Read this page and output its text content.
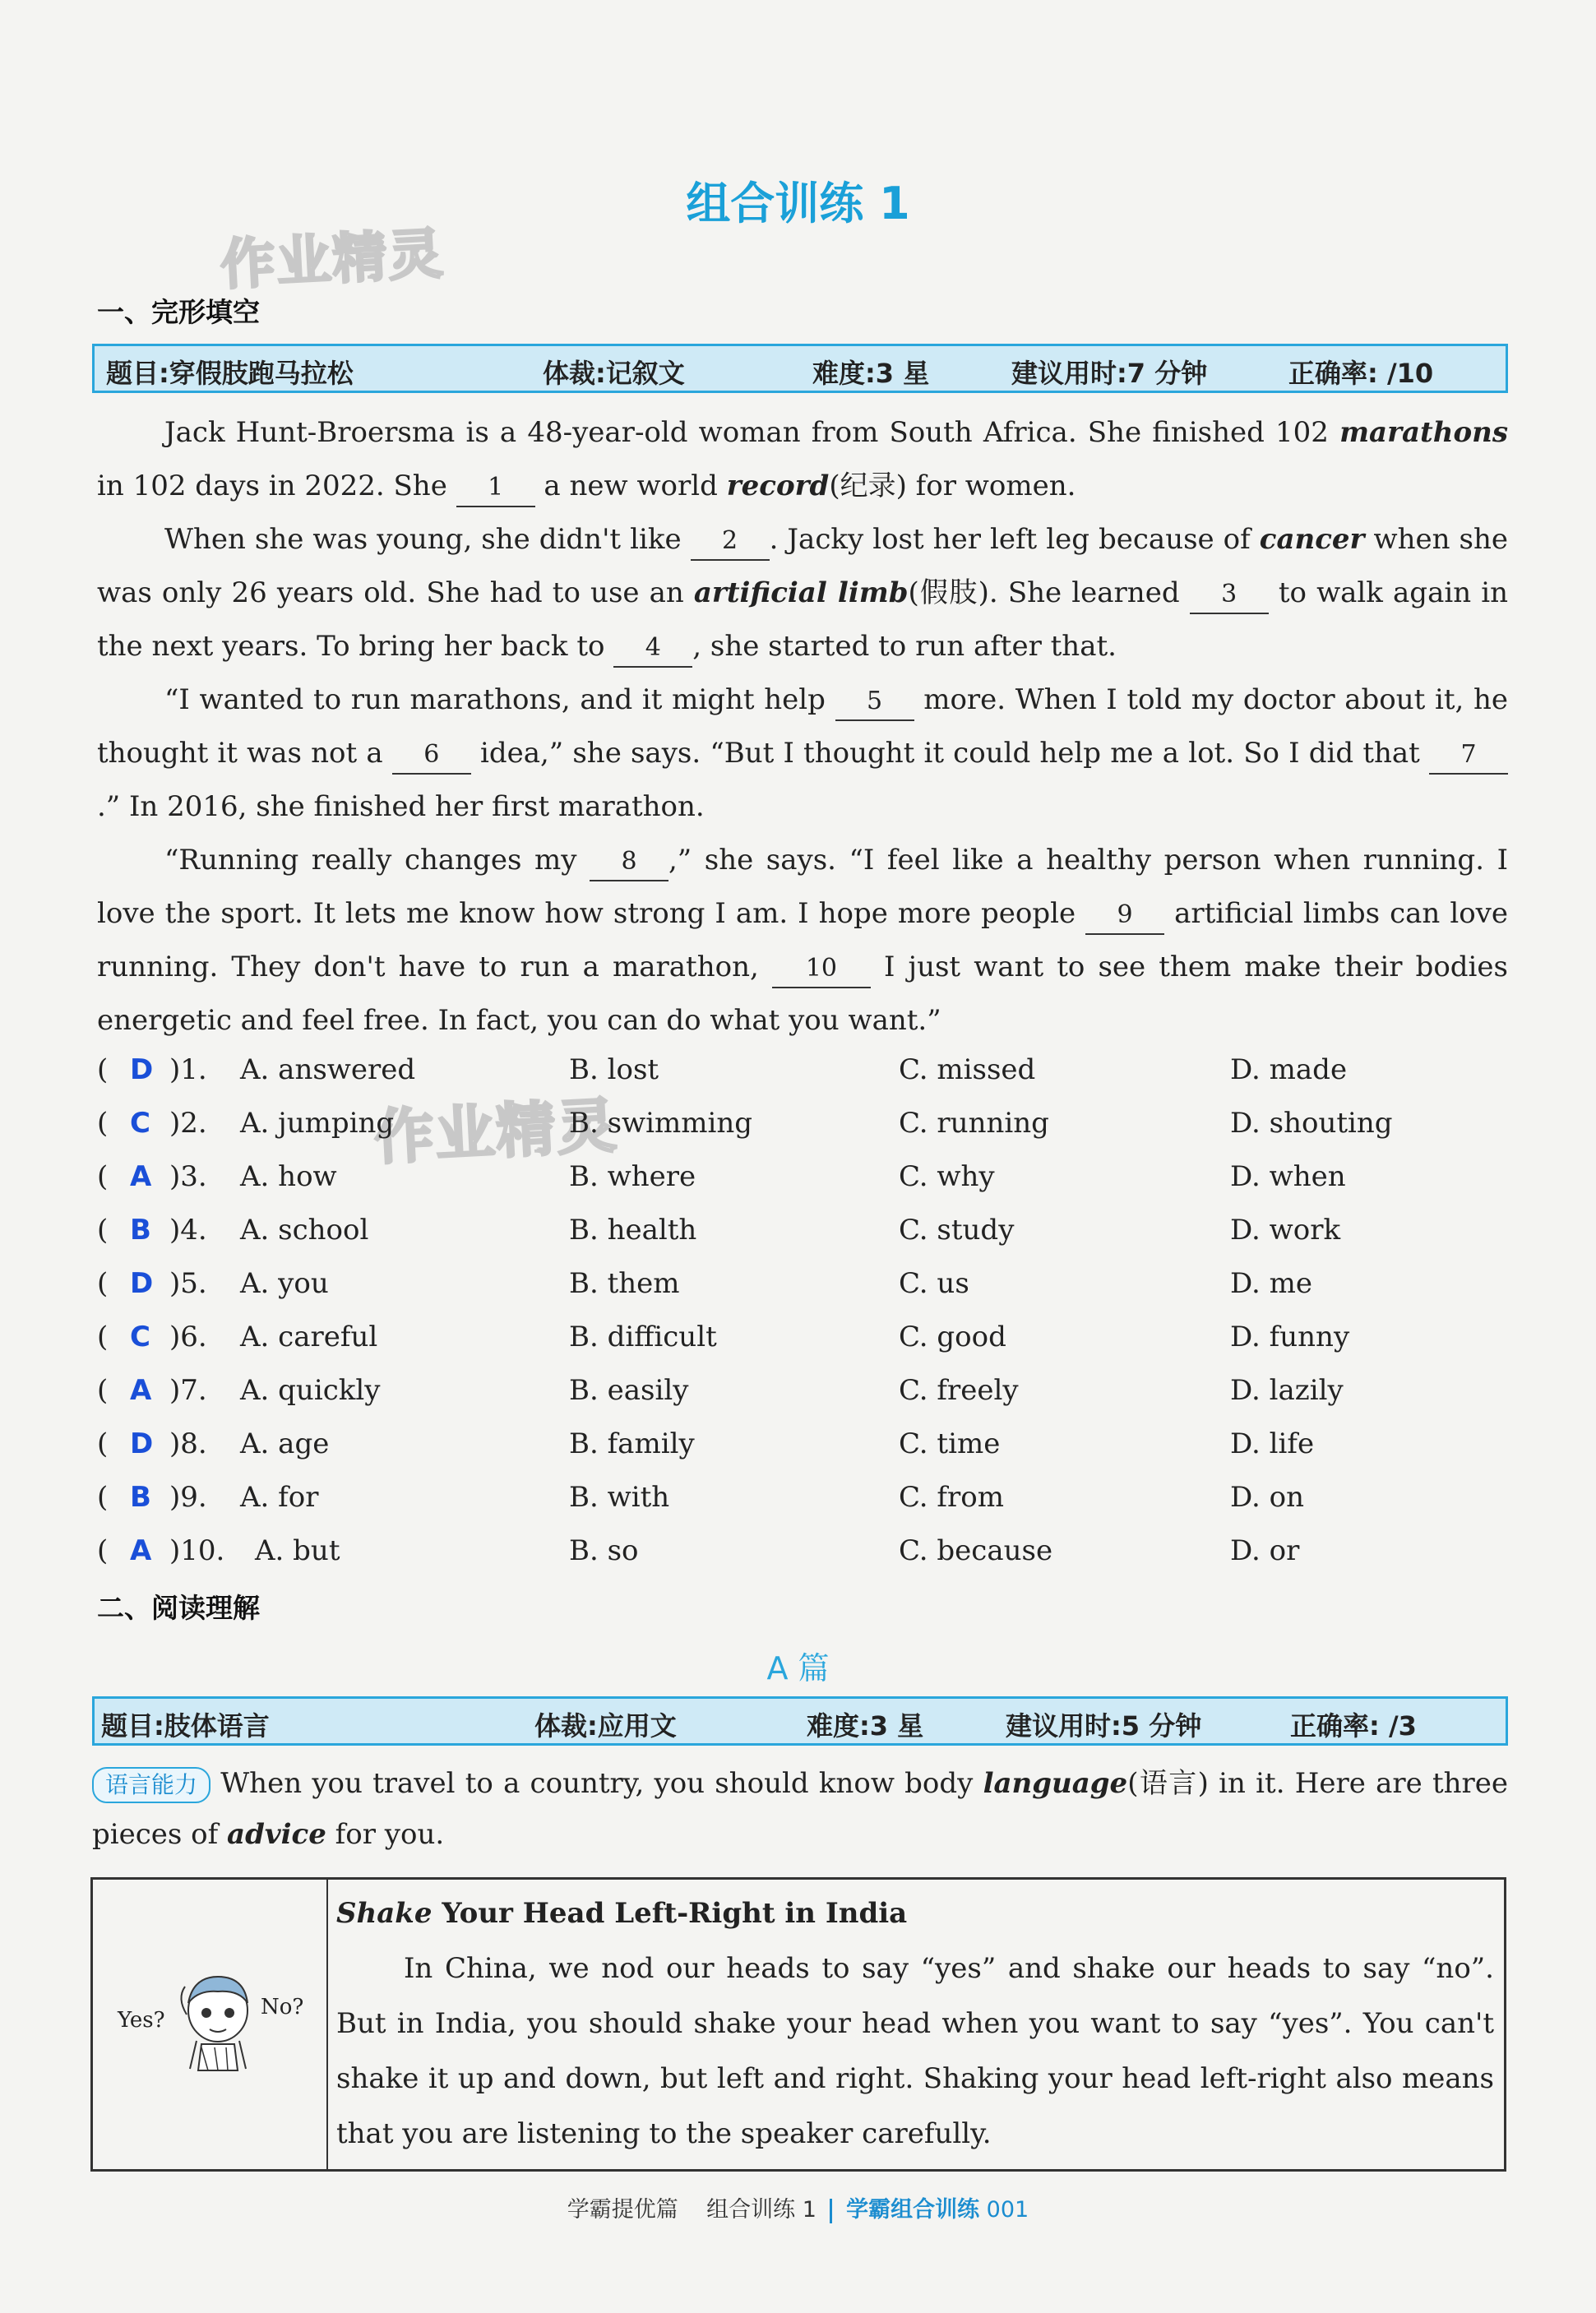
作业精灵
作业精灵
组合训练 1
一、完形填空
题目:穿假肢跑马拉松	体裁:记叙文	难度:3 星	建议用时:7 分钟	正确率: /10

Jack Hunt-Broersma is a 48-year-old woman from South Africa. She finished 102 marathons in 102 days in 2022. She 1 a new world record(纪录) for women.

When she was young, she didn't like 2 . Jacky lost her left leg because of cancer when she was only 26 years old. She had to use an artificial limb(假肢). She learned 3 to walk again in the next years. To bring her back to 4 , she started to run after that.

“I wanted to run marathons, and it might help 5 more. When I told my doctor about it, he thought it was not a 6 idea,” she says. “But I thought it could help me a lot. So I did that 7.” In 2016, she finished her first marathon.

“Running really changes my 8 ,” she says. “I feel like a healthy person when running. I love the sport. It lets me know how strong I am. I hope more people 9 artificial limbs can love running. They don't have to run a marathon, 10 I just want to see them make their bodies energetic and feel free. In fact, you can do what you want.”

( D )1. A. answered	B. lost	C. missed	D. made
( C )2. A. jumping	B. swimming	C. running	D. shouting
( A )3. A. how	B. where	C. why	D. when
( B )4. A. school	B. health	C. study	D. work
( D )5. A. you	B. them	C. us	D. me
( C )6. A. careful	B. difficult	C. good	D. funny
( A )7. A. quickly	B. easily	C. freely	D. lazily
( D )8. A. age	B. family	C. time	D. life
( B )9. A. for	B. with	C. from	D. on
( A )10. A. but	B. so	C. because	D. or
二、阅读理解
A 篇
题目:肢体语言	体裁:应用文	难度:3 星	建议用时:5 分钟	正确率: /3
语言能力 When you travel to a country, you should know body language(语言) in it. Here are three pieces of advice for you.
Yes?
No?
Shake Your Head Left-Right in India

In China, we nod our heads to say “yes” and shake our heads to say “no”. But in India, you should shake your head when you want to say “yes”. You can't shake it up and down, but left and right. Shaking your head left-right also means that you are listening to the speaker carefully.

学霸提优篇 组合训练 1 学霸组合训练 001
